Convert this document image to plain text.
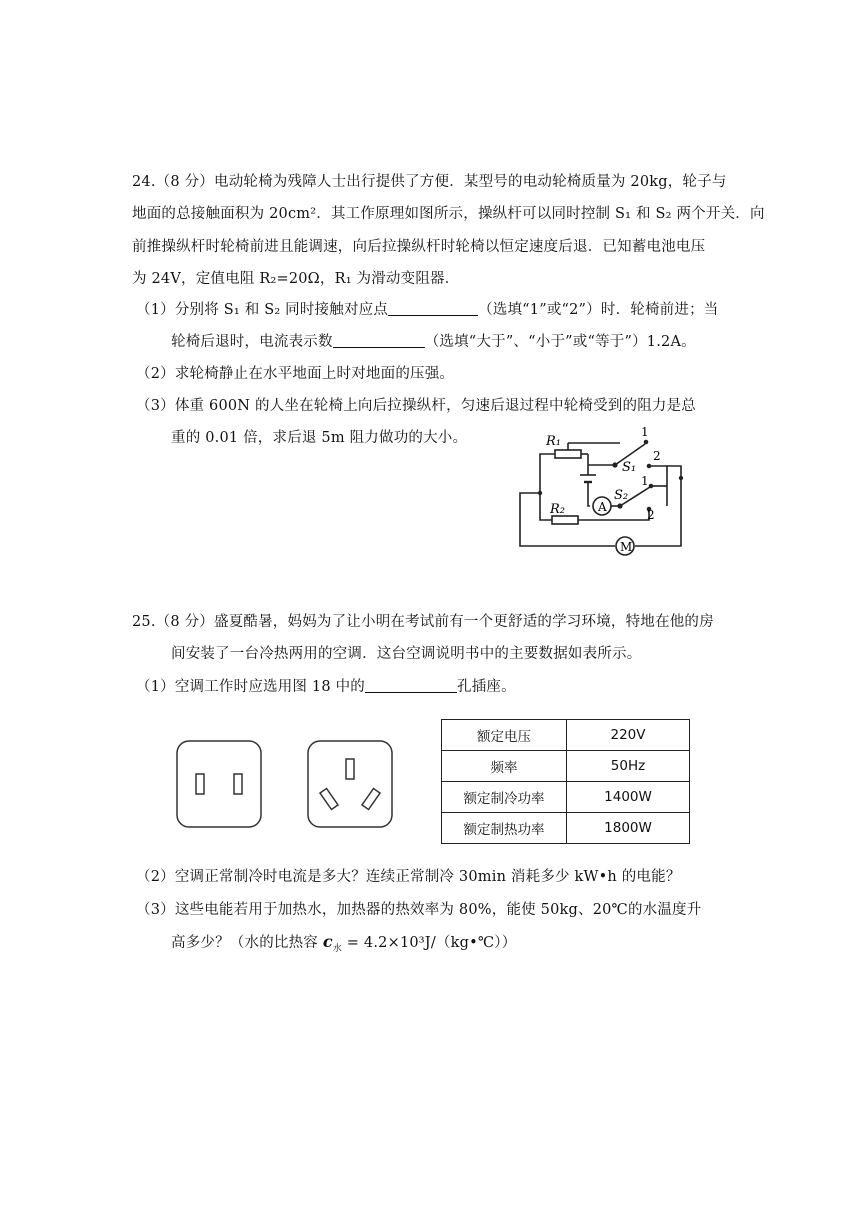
24.（8 分）电动轮椅为残障人士出行提供了方便．某型号的电动轮椅质量为 20kg，轮子与
地面的总接触面积为 20cm²．其工作原理如图所示，操纵杆可以同时控制 S₁ 和 S₂ 两个开关．向
前推操纵杆时轮椅前进且能调速，向后拉操纵杆时轮椅以恒定速度后退．已知蓄电池电压
为 24V，定值电阻 R₂=20Ω，R₁ 为滑动变阻器．
（1）分别将 S₁ 和 S₂ 同时接触对应点	（选填“1”或“2”）时．轮椅前进；当
轮椅后退时，电流表示数	（选填“大于”、“小于”或“等于”）1.2A。
（2）求轮椅静止在水平地面上时对地面的压强。
（3）体重 600N 的人坐在轮椅上向后拉操纵杆，匀速后退过程中轮椅受到的阻力是总
重的 0.01 倍，求后退 5m 阻力做功的大小。	R₁
S₁
S₂
R₂
1
2
1
2
A
M
25.（8 分）盛夏酷暑，妈妈为了让小明在考试前有一个更舒适的学习环境，特地在他的房
间安装了一台冷热两用的空调．这台空调说明书中的主要数据如表所示。
（1）空调工作时应选用图 18 中的	孔插座。
额定电压	220V
频率	50Hz
额定制冷功率	1400W
额定制热功率	1800W
（2）空调正常制冷时电流是多大？连续正常制冷 30min 消耗多少 kW•h 的电能？
（3）这些电能若用于加热水，加热器的热效率为 80%，能使 50kg、20℃的水温度升
高多少？（水的比热容 $c_水$ = 4.2×10³J/（kg•℃））
